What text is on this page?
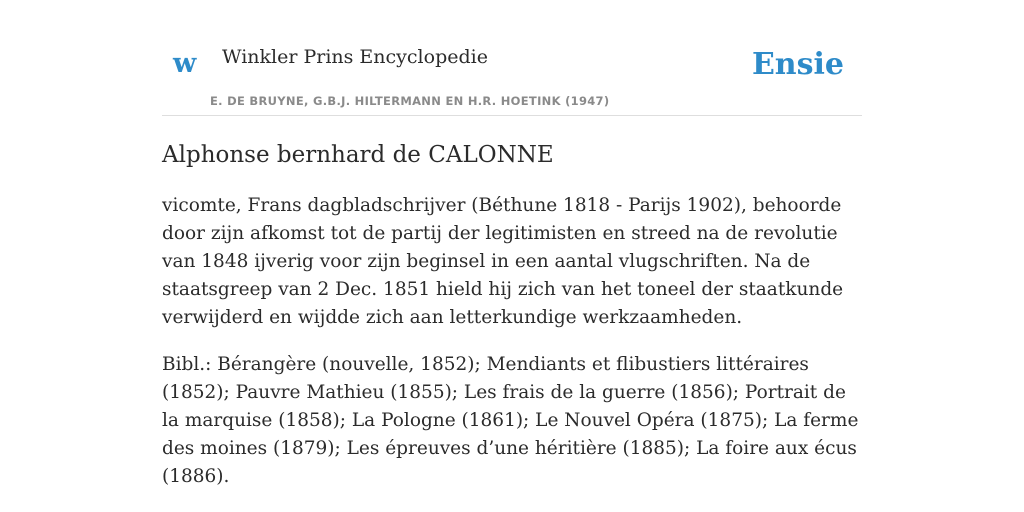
w Winkler Prins Encyclopedie
E. DE BRUYNE, G.B.J. HILTERMANN EN H.R. HOETINK (1947)
Ensie
Alphonse bernhard de CALONNE

vicomte, Frans dagbladschrijver (Béthune 1818 - Parijs 1902), behoorde door zijn afkomst tot de partij der legitimisten en streed na de revolutie van 1848 ijverig voor zijn beginsel in een aantal vlugschriften. Na de staatsgreep van 2 Dec. 1851 hield hij zich van het toneel der staatkunde verwijderd en wijdde zich aan letterkundige werkzaamheden.

Bibl.: Bérangère (nouvelle, 1852); Mendiants et flibustiers littéraires (1852); Pauvre Mathieu (1855); Les frais de la guerre (1856); Portrait de la marquise (1858); La Pologne (1861); Le Nouvel Opéra (1875); La ferme des moines (1879); Les épreuves d’une héritière (1885); La foire aux écus (1886).
